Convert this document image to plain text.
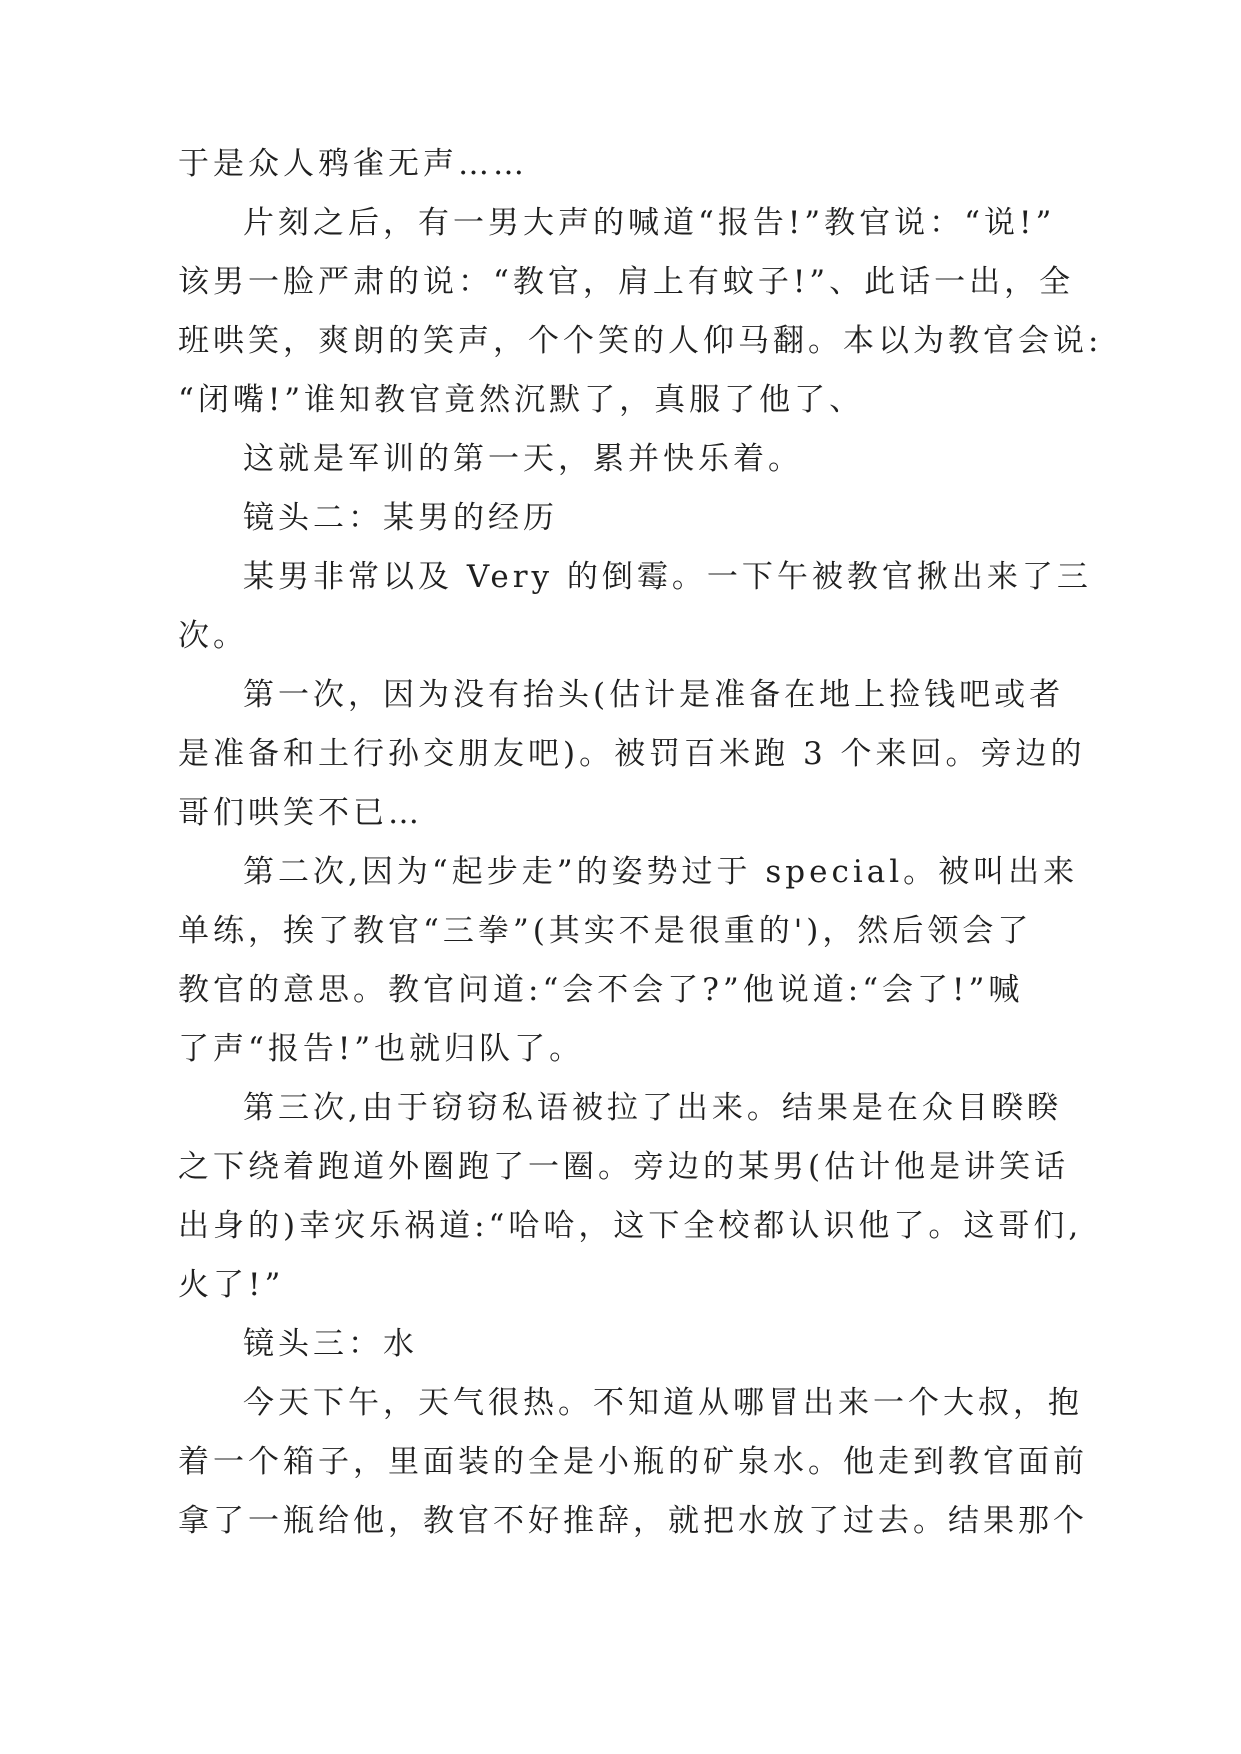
于是众人鸦雀无声……
片刻之后，有一男大声的喊道“报告!”教官说：“说!”
该男一脸严肃的说：“教官，肩上有蚊子!”、此话一出，全
班哄笑，爽朗的笑声，个个笑的人仰马翻。本以为教官会说:
“闭嘴!”谁知教官竟然沉默了，真服了他了、
这就是军训的第一天，累并快乐着。
镜头二：某男的经历
某男非常以及 Very 的倒霉。一下午被教官揪出来了三
次。
第一次，因为没有抬头(估计是准备在地上捡钱吧或者
是准备和土行孙交朋友吧)。被罚百米跑 3 个来回。旁边的
哥们哄笑不已…
第二次,因为“起步走”的姿势过于 special。被叫出来
单练，挨了教官“三拳”(其实不是很重的')，然后领会了
教官的意思。教官问道:“会不会了?”他说道:“会了!”喊
了声“报告!”也就归队了。
第三次,由于窃窃私语被拉了出来。结果是在众目睽睽
之下绕着跑道外圈跑了一圈。旁边的某男(估计他是讲笑话
出身的)幸灾乐祸道:“哈哈，这下全校都认识他了。这哥们,
火了!”
镜头三：水
今天下午，天气很热。不知道从哪冒出来一个大叔，抱
着一个箱子，里面装的全是小瓶的矿泉水。他走到教官面前
拿了一瓶给他，教官不好推辞，就把水放了过去。结果那个
